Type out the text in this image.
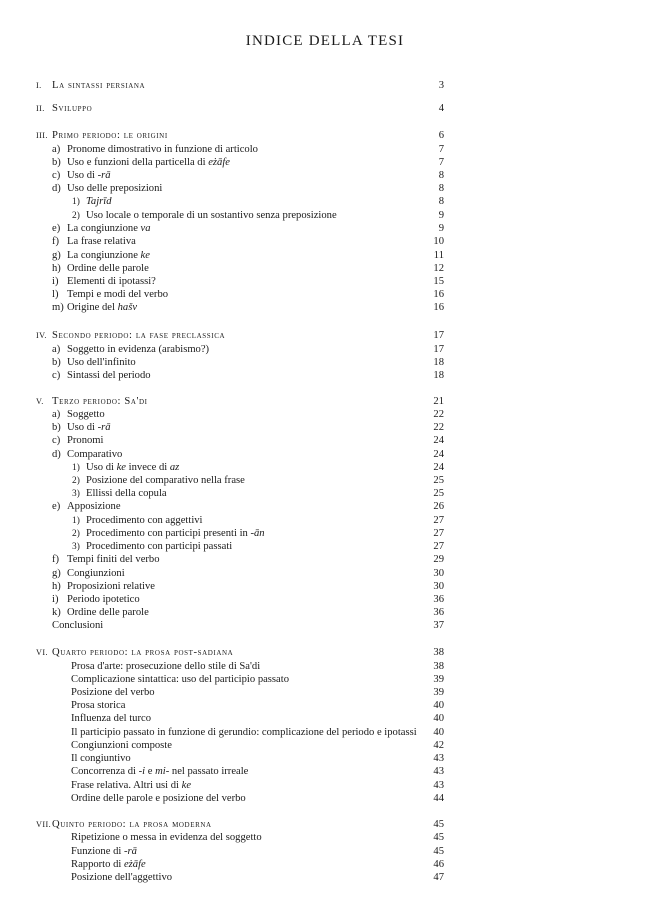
INDICE DELLA TESI
I. La sintassi persiana	3
II. Sviluppo	4
III. Primo periodo: le origini	6
a) Pronome dimostrativo in funzione di articolo	7
b) Uso e funzioni della particella di eżāfe	7
c) Uso di -rā	8
d) Uso delle preposizioni	8
1) Tajrīd	8
2) Uso locale o temporale di un sostantivo senza preposizione	9
e) La congiunzione va	9
f) La frase relativa	10
g) La congiunzione ke	11
h) Ordine delle parole	12
i) Elementi di ipotassi?	15
l) Tempi e modi del verbo	16
m) Origine del hašv	16
IV. Secondo periodo: la fase preclassica	17
a) Soggetto in evidenza (arabismo?)	17
b) Uso dell'infinito	18
c) Sintassi del periodo	18
V. Terzo periodo: Sa'di	21
a) Soggetto	22
b) Uso di -rā	22
c) Pronomi	24
d) Comparativo	24
1) Uso di ke invece di az	24
2) Posizione del comparativo nella frase	25
3) Ellissi della copula	25
e) Apposizione	26
1) Procedimento con aggettivi	27
2) Procedimento con participi presenti in -ān	27
3) Procedimento con participi passati	27
f) Tempi finiti del verbo	29
g) Congiunzioni	30
h) Proposizioni relative	30
i) Periodo ipotetico	36
k) Ordine delle parole	36
Conclusioni	37
VI. Quarto periodo: la prosa post-sadiana	38
Prosa d'arte: prosecuzione dello stile di Sa'di	38
Complicazione sintattica: uso del participio passato	39
Posizione del verbo	39
Prosa storica	40
Influenza del turco	40
Il participio passato in funzione di gerundio: complicazione del periodo e ipotassi 40
Congiunzioni composte	42
Il congiuntivo	43
Concorrenza di -i e mi- nel passato irreale	43
Frase relativa. Altri usi di ke	43
Ordine delle parole e posizione del verbo	44
VII.Quinto periodo: la prosa moderna	45
Ripetizione o messa in evidenza del soggetto	45
Funzione di -rā	45
Rapporto di eżāfe	46
Posizione dell'aggettivo	47
